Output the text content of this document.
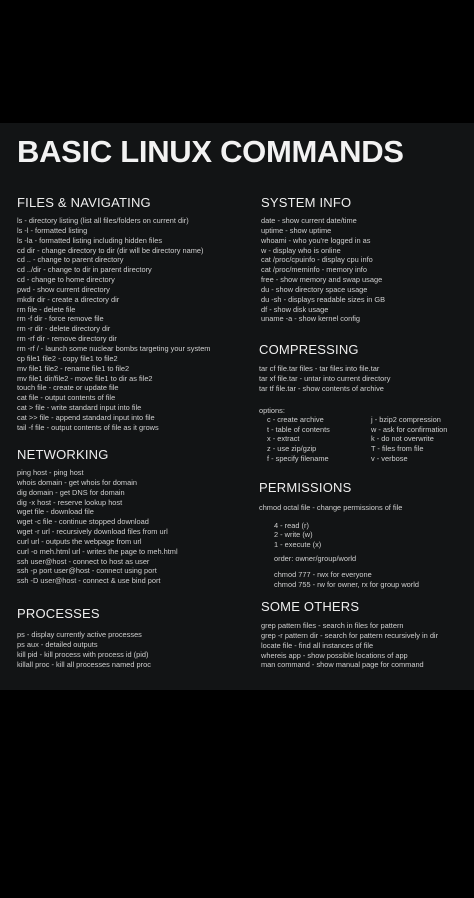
BASIC LINUX COMMANDS
FILES & NAVIGATING
ls - directory listing (list all files/folders on current dir)
ls -l - formatted listing
ls -la - formatted listing including hidden files
cd dir - change directory to dir (dir will be directory name)
cd .. - change to parent directory
cd ../dir - change to dir in parent directory
cd - change to home directory
pwd - show current directory
mkdir dir - create a directory dir
rm file - delete file
rm -f dir - force remove file
rm -r dir - delete directory dir
rm -rf dir - remove directory dir
rm -rf / - launch some nuclear bombs targeting your system
cp file1 file2 - copy file1 to file2
mv file1 file2 - rename file1 to file2
mv file1 dir/file2 - move file1 to dir as file2
touch file - create or update file
cat file - output contents of file
cat > file - write standard input into file
cat >> file - append standard input into file
tail -f file - output contents of file as it grows
NETWORKING
ping host - ping host
whois domain - get whois for domain
dig domain - get DNS for domain
dig -x host - reserve lookup host
wget file - download file
wget -c file - continue stopped download
wget -r url - recursively download files from url
curl url - outputs the webpage from url
curl -o meh.html url - writes the page to meh.html
ssh user@host - connect to host as user
ssh -p port user@host - connect using port
ssh -D user@host - connect & use bind port
PROCESSES
ps - display currently active processes
ps aux - detailed outputs
kill pid - kill process with process id (pid)
killall proc - kill all processes named proc
SYSTEM INFO
date - show current date/time
uptime - show uptime
whoami - who you're logged in as
w - display who is online
cat /proc/cpuinfo - display cpu info
cat /proc/meminfo - memory info
free - show memory and swap usage
du - show directory space usage
du -sh - displays readable sizes in GB
df - show disk usage
uname -a - show kernel config
COMPRESSING
tar cf file.tar files - tar files into file.tar
tar xf file.tar - untar into current directory
tar tf file.tar - show contents of archive
options:
c - create archive	j - bzip2 compression
t - table of contents	w - ask for confirmation
x - extract	k - do not overwrite
z - use zip/gzip	T - files from file
f - specify filename	v - verbose
PERMISSIONS
chmod octal file - change permissions of file
4 - read (r)
2 - write (w)
1 - execute (x)
order: owner/group/world
chmod 777 - rwx for everyone
chmod 755 - rw for owner, rx for group world
SOME OTHERS
grep pattern files - search in files for pattern
grep -r pattern dir - search for pattern recursively in dir
locate file - find all instances of file
whereis app - show possible locations of app
man command - show manual page for command
